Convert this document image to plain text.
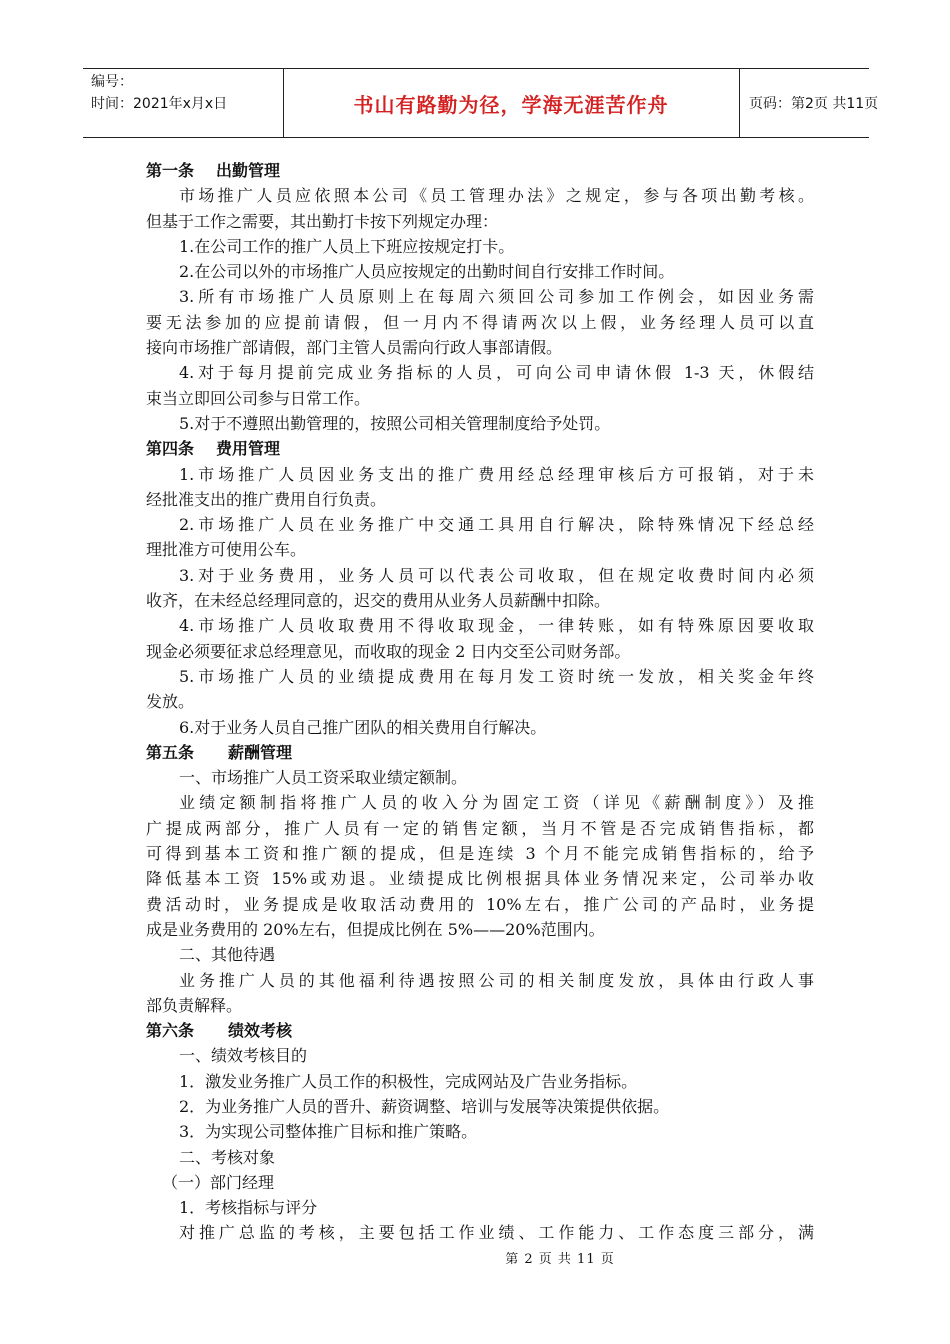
编号：
时间：2021年x月x日	书山有路勤为径，学海无涯苦作舟	页码：第2页 共11页
第一条 出勤管理
市场推广人员应依照本公司《员工管理办法》之规定，参与各项出勤考核。
但基于工作之需要，其出勤打卡按下列规定办理：
1.在公司工作的推广人员上下班应按规定打卡。
2.在公司以外的市场推广人员应按规定的出勤时间自行安排工作时间。
3.所有市场推广人员原则上在每周六须回公司参加工作例会，如因业务需
要无法参加的应提前请假，但一月内不得请两次以上假，业务经理人员可以直
接向市场推广部请假，部门主管人员需向行政人事部请假。
4.对于每月提前完成业务指标的人员，可向公司申请休假 1-3 天，休假结
束当立即回公司参与日常工作。
5.对于不遵照出勤管理的，按照公司相关管理制度给予处罚。
第四条 费用管理
1.市场推广人员因业务支出的推广费用经总经理审核后方可报销，对于未
经批准支出的推广费用自行负责。
2.市场推广人员在业务推广中交通工具用自行解决，除特殊情况下经总经
理批准方可使用公车。
3.对于业务费用，业务人员可以代表公司收取，但在规定收费时间内必须
收齐，在未经总经理同意的，迟交的费用从业务人员薪酬中扣除。
4.市场推广人员收取费用不得收取现金，一律转账，如有特殊原因要收取
现金必须要征求总经理意见，而收取的现金 2 日内交至公司财务部。
5.市场推广人员的业绩提成费用在每月发工资时统一发放，相关奖金年终
发放。
6.对于业务人员自己推广团队的相关费用自行解决。
第五条 薪酬管理
一、市场推广人员工资采取业绩定额制。
业绩定额制指将推广人员的收入分为固定工资（详见《薪酬制度》）及推
广提成两部分，推广人员有一定的销售定额，当月不管是否完成销售指标，都
可得到基本工资和推广额的提成，但是连续 3 个月不能完成销售指标的，给予
降低基本工资 15%或劝退。业绩提成比例根据具体业务情况来定，公司举办收
费活动时，业务提成是收取活动费用的 10%左右，推广公司的产品时，业务提
成是业务费用的 20%左右，但提成比例在 5%——20%范围内。
二、其他待遇
业务推广人员的其他福利待遇按照公司的相关制度发放，具体由行政人事
部负责解释。
第六条 绩效考核
一、绩效考核目的
1．激发业务推广人员工作的积极性，完成网站及广告业务指标。
2．为业务推广人员的晋升、薪资调整、培训与发展等决策提供依据。
3．为实现公司整体推广目标和推广策略。
二、考核对象
（一）部门经理
1．考核指标与评分
对推广总监的考核，主要包括工作业绩、工作能力、工作态度三部分，满
第 2 页 共 11 页
